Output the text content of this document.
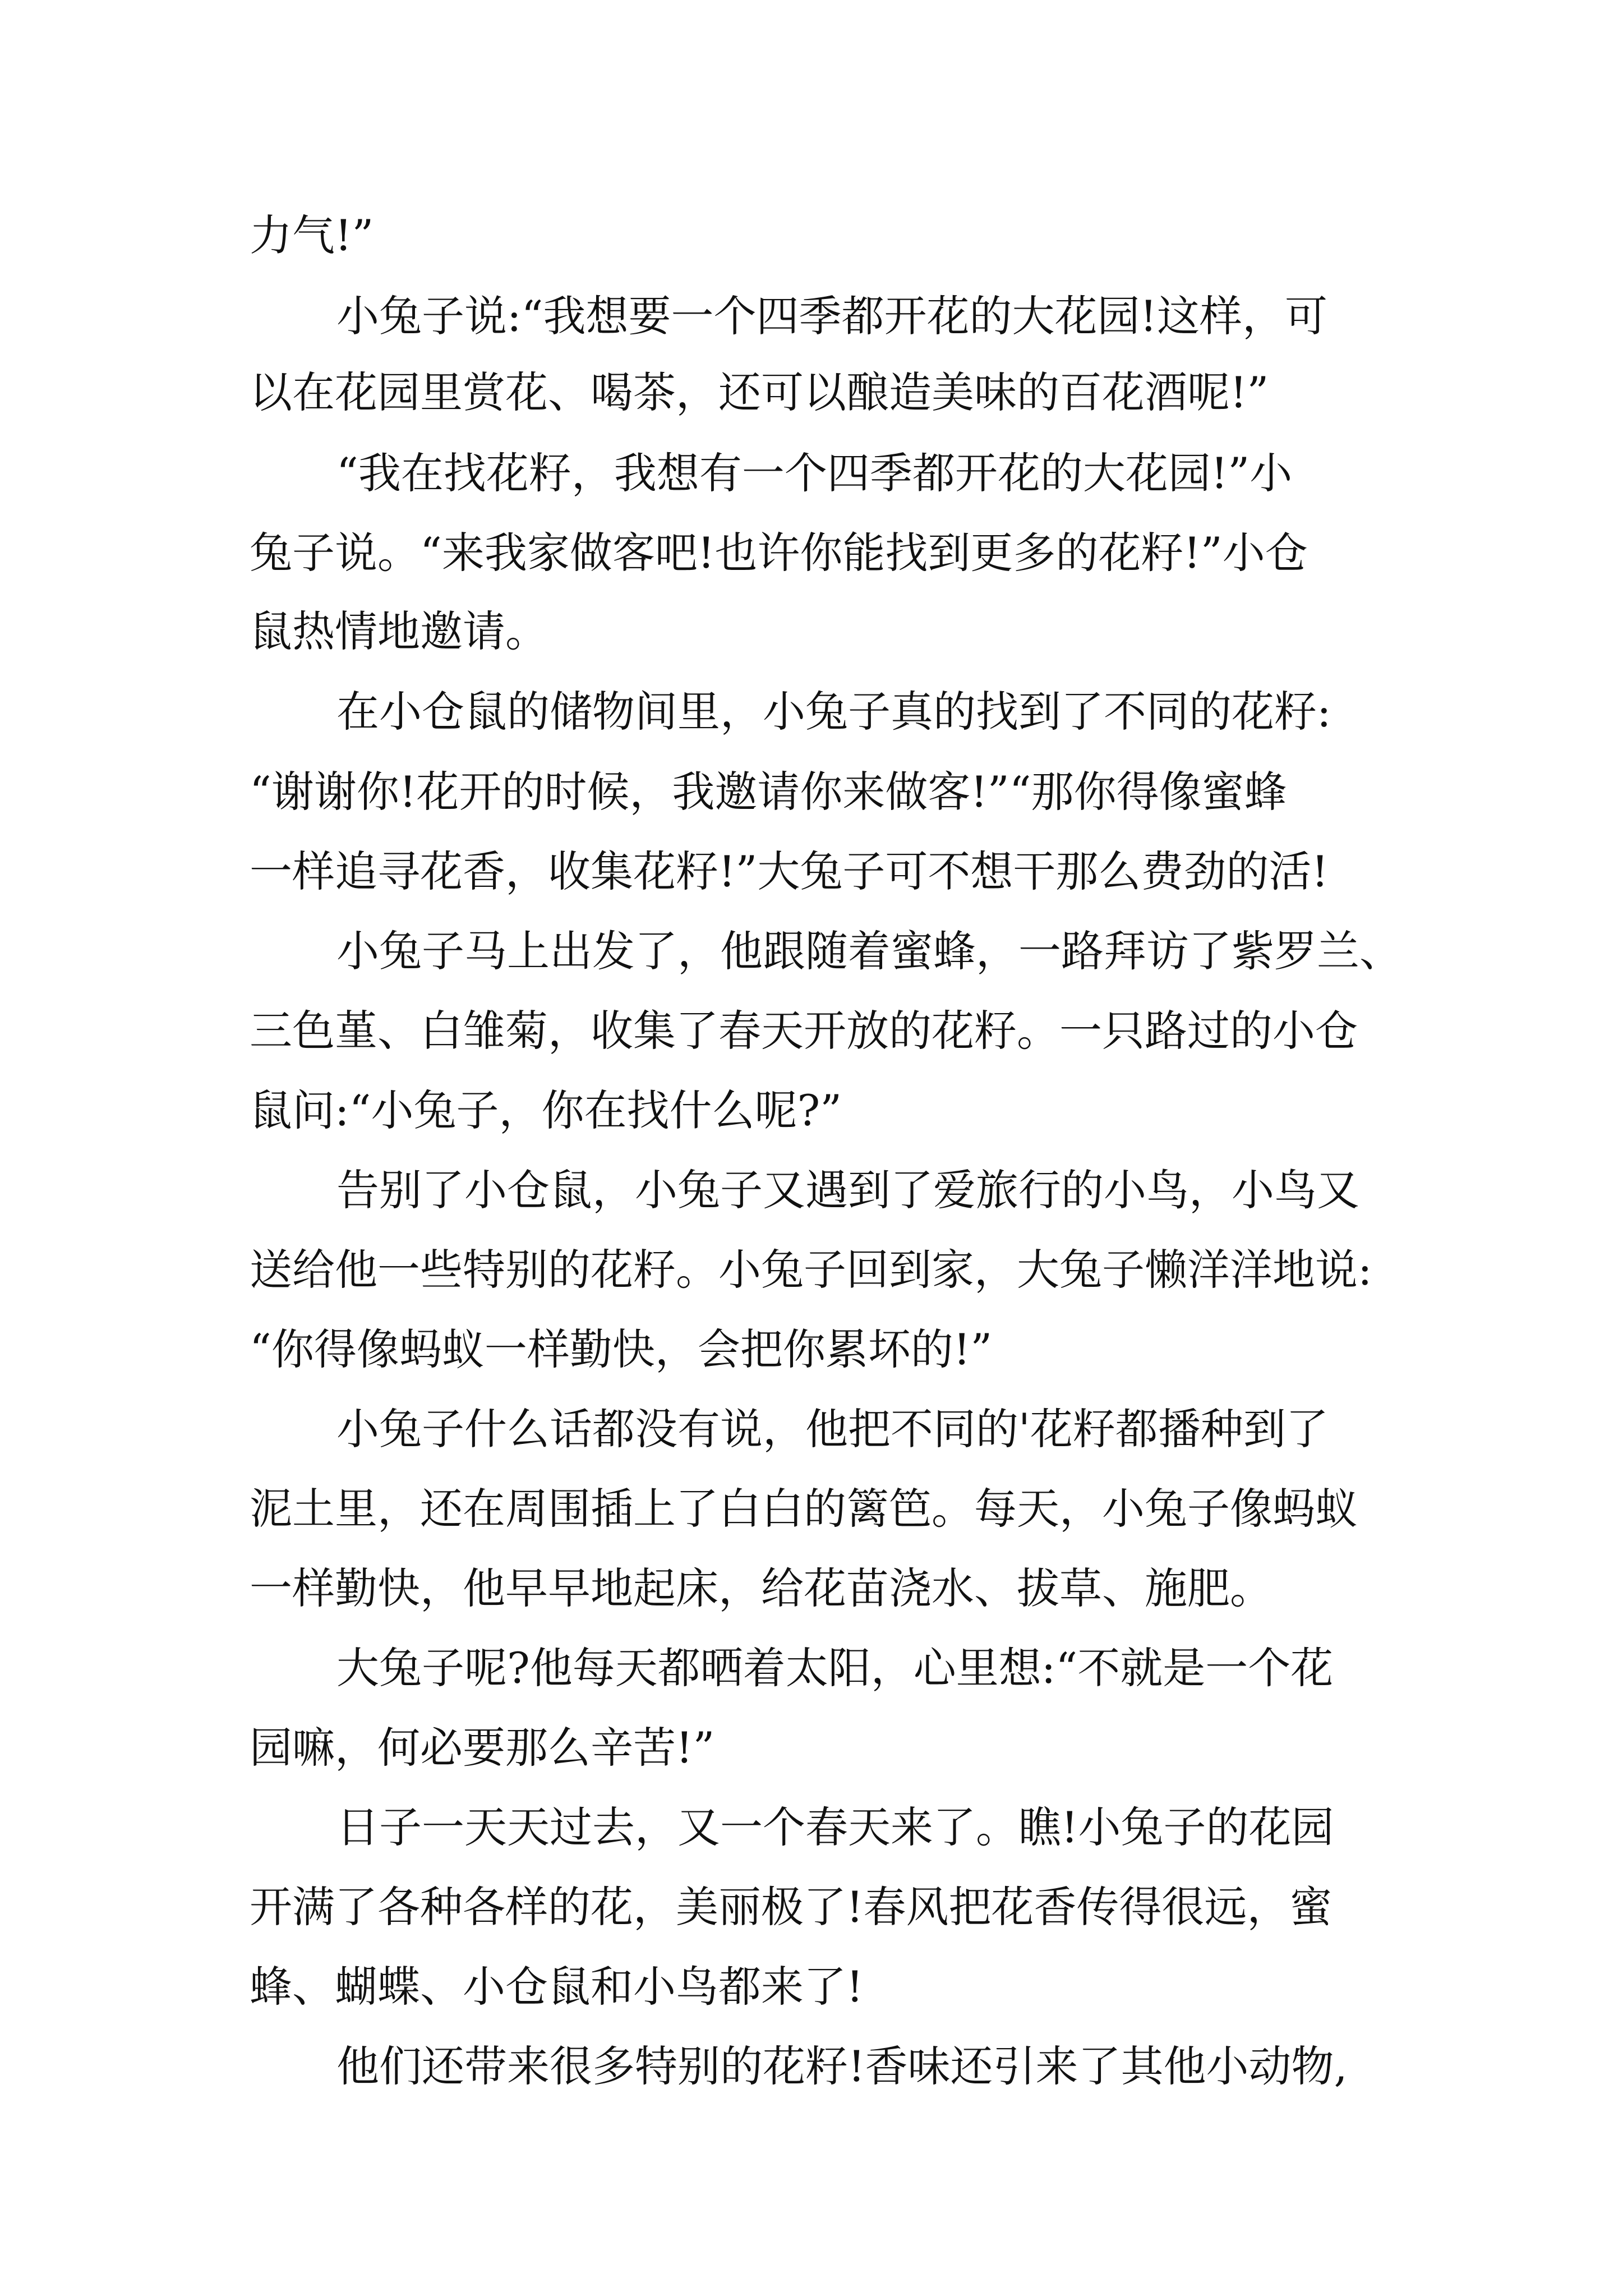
力气!”
小兔子说:“我想要一个四季都开花的大花园!这样，可
以在花园里赏花、喝茶，还可以酿造美味的百花酒呢!”
“我在找花籽，我想有一个四季都开花的大花园!”小
兔子说。“来我家做客吧!也许你能找到更多的花籽!”小仓
鼠热情地邀请。
在小仓鼠的储物间里，小兔子真的找到了不同的花籽:
“谢谢你!花开的时候，我邀请你来做客!”“那你得像蜜蜂
一样追寻花香，收集花籽!”大兔子可不想干那么费劲的活!
小兔子马上出发了，他跟随着蜜蜂，一路拜访了紫罗兰、
三色堇、白雏菊，收集了春天开放的花籽。一只路过的小仓
鼠问:“小兔子，你在找什么呢?”
告别了小仓鼠，小兔子又遇到了爱旅行的小鸟，小鸟又
送给他一些特别的花籽。小兔子回到家，大兔子懒洋洋地说:
“你得像蚂蚁一样勤快，会把你累坏的!”
小兔子什么话都没有说，他把不同的'花籽都播种到了
泥土里，还在周围插上了白白的篱笆。每天，小兔子像蚂蚁
一样勤快，他早早地起床，给花苗浇水、拔草、施肥。
大兔子呢?他每天都晒着太阳，心里想:“不就是一个花
园嘛，何必要那么辛苦!”
日子一天天过去，又一个春天来了。瞧!小兔子的花园
开满了各种各样的花，美丽极了!春风把花香传得很远，蜜
蜂、蝴蝶、小仓鼠和小鸟都来了!
他们还带来很多特别的花籽!香味还引来了其他小动物,
